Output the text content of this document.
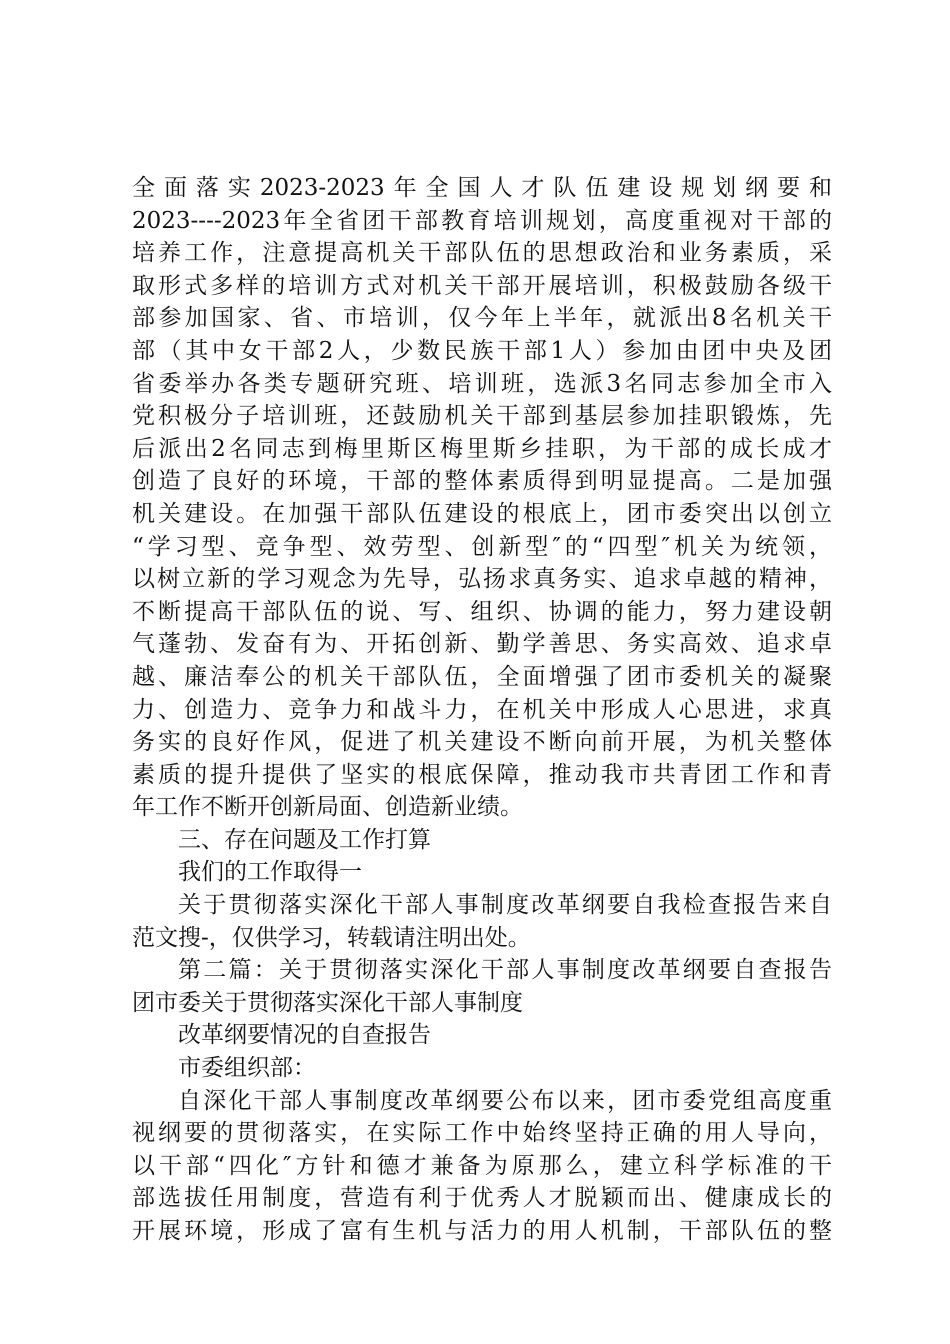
全面落实2023-2023年全国人才队伍建设规划纲要和
2023----2023年全省团干部教育培训规划，高度重视对干部的
培养工作，注意提高机关干部队伍的思想政治和业务素质，采
取形式多样的培训方式对机关干部开展培训，积极鼓励各级干
部参加国家、省、市培训，仅今年上半年，就派出8名机关干
部（其中女干部2人，少数民族干部1人）参加由团中央及团
省委举办各类专题研究班、培训班，选派3名同志参加全市入
党积极分子培训班，还鼓励机关干部到基层参加挂职锻炼，先
后派出2名同志到梅里斯区梅里斯乡挂职，为干部的成长成才
创造了良好的环境，干部的整体素质得到明显提高。二是加强
机关建设。在加强干部队伍建设的根底上，团市委突出以创立
“学习型、竞争型、效劳型、创新型″的“四型″机关为统领，
以树立新的学习观念为先导，弘扬求真务实、追求卓越的精神，
不断提高干部队伍的说、写、组织、协调的能力，努力建设朝
气蓬勃、发奋有为、开拓创新、勤学善思、务实高效、追求卓
越、廉洁奉公的机关干部队伍，全面增强了团市委机关的凝聚
力、创造力、竞争力和战斗力，在机关中形成人心思进，求真
务实的良好作风，促进了机关建设不断向前开展，为机关整体
素质的提升提供了坚实的根底保障，推动我市共青团工作和青
年工作不断开创新局面、创造新业绩。
三、存在问题及工作打算
我们的工作取得一
关于贯彻落实深化干部人事制度改革纲要自我检查报告来自
范文搜-，仅供学习，转载请注明出处。
第二篇：关于贯彻落实深化干部人事制度改革纲要自查报告
团市委关于贯彻落实深化干部人事制度
改革纲要情况的自查报告
市委组织部：
自深化干部人事制度改革纲要公布以来，团市委党组高度重
视纲要的贯彻落实，在实际工作中始终坚持正确的用人导向，
以干部“四化″方针和德才兼备为原那么，建立科学标准的干
部选拔任用制度，营造有利于优秀人才脱颖而出、健康成长的
开展环境，形成了富有生机与活力的用人机制，干部队伍的整
